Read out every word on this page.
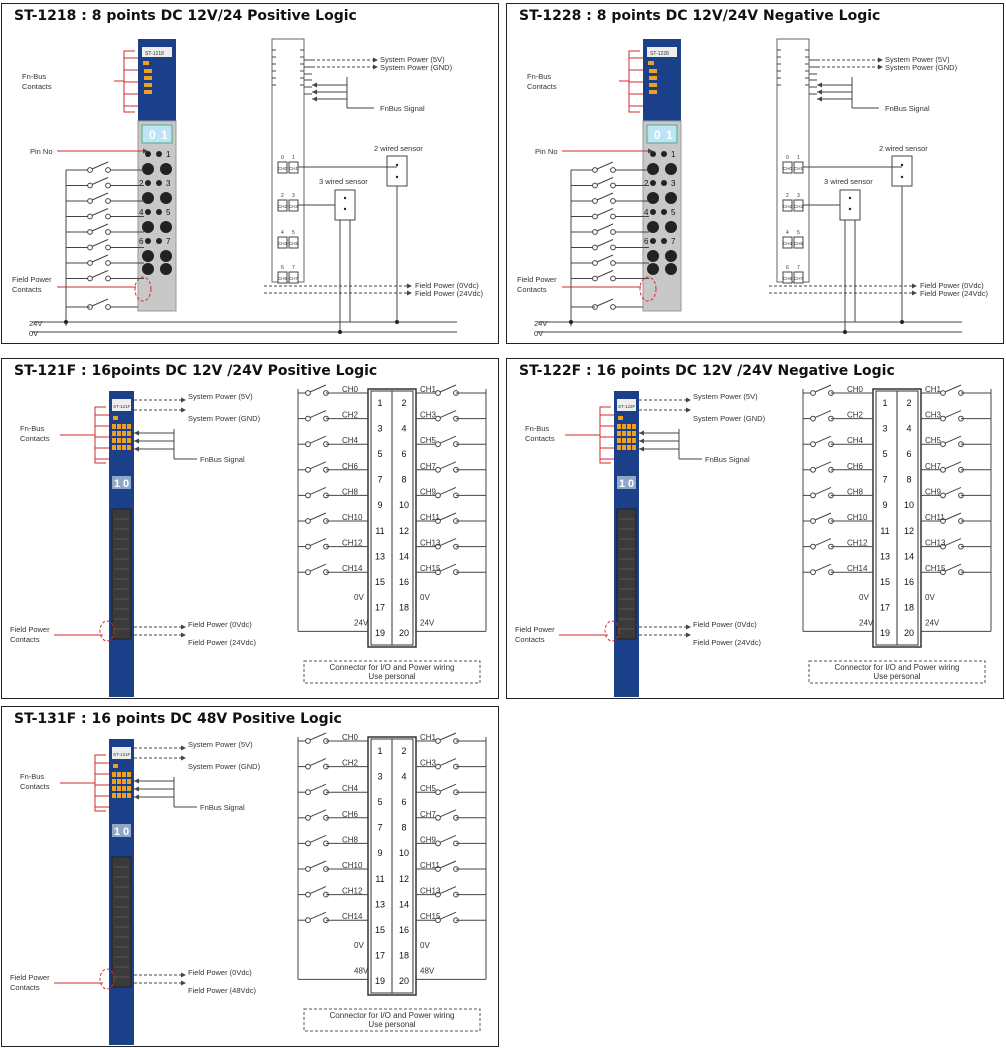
ST-1218 : 8 points DC 12V/24 Positive Logic
ST-1218
0 1
1
3
5
7
2
4
6
Fn-Bus
Contacts
Pin No
Field Power
Contacts
24V
0V
System Power (5V)
System Power (GND)
FnBus Signal
CH0 CH1
0 1
CH2 CH3
2 3
CH4 CH5
4 5
CH6 CH7
6 7
2 wired sensor
3 wired sensor
Field Power (0Vdc)
Field Power (24Vdc)
ST-1228 : 8 points DC 12V/24V Negative Logic
ST-1228
0 1
1
3
5
7
2
4
6
Fn-Bus
Contacts
Pin No
Field Power
Contacts
24V
0V
System Power (5V)
System Power (GND)
FnBus Signal
CH0 CH1
0 1
CH2 CH3
2 3
CH4 CH5
4 5
CH6 CH7
6 7
2 wired sensor
3 wired sensor
Field Power (0Vdc)
Field Power (24Vdc)
ST-121F : 16points DC 12V /24V Positive Logic
ST-121F
1 0
Fn-Bus
Contacts
Field Power
Contacts
System Power (5V)
System Power (GND)
FnBus Signal
Field Power (0Vdc)
Field Power (24Vdc)
1 2
CH0	CH1
3 4
CH2	CH3
5 6
CH4	CH5
7 8
CH6	CH7
9 10
CH8	CH9
11 12
CH10	CH11
13 14
CH12	CH13
15 16
CH14	CH15
17 18
0V	0V
19 20
24V	24V
Connector for I/O and Power wiring
Use personal
ST-122F : 16 points DC 12V /24V Negative Logic
ST-122F
1 0
Fn-Bus
Contacts
Field Power
Contacts
System Power (5V)
System Power (GND)
FnBus Signal
Field Power (0Vdc)
Field Power (24Vdc)
1 2
CH0	CH1
3 4
CH2	CH3
5 6
CH4	CH5
7 8
CH6	CH7
9 10
CH8	CH9
11 12
CH10	CH11
13 14
CH12	CH13
15 16
CH14	CH15
17 18
0V	0V
19 20
24V	24V
Connector for I/O and Power wiring
Use personal
ST-131F : 16 points DC 48V Positive Logic
ST-131F
1 0
Fn-Bus
Contacts
Field Power
Contacts
System Power (5V)
System Power (GND)
FnBus Signal
Field Power (0Vdc)
Field Power (48Vdc)
1 2
CH0	CH1
3 4
CH2	CH3
5 6
CH4	CH5
7 8
CH6	CH7
9 10
CH8	CH9
11 12
CH10	CH11
13 14
CH12	CH13
15 16
CH14	CH15
17 18
0V	0V
19 20
48V	48V
Connector for I/O and Power wiring
Use personal
